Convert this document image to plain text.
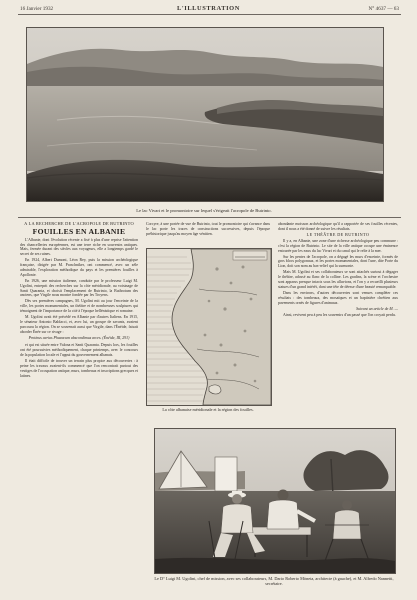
16 Janvier 1932	L'ILLUSTRATION	N° 4637 — 63
Le lac Vivari et le promontoire sur lequel s'érigeait l'acropole de Butrinto.
A LA RECHERCHE DE L'ACROPOLE DE BUTRINTO
FOUILLES EN ALBANIE

L'Albanie, dont l'évolution récente a fixé à plus d'une reprise l'attention des chancelleries européennes, est une terre riche en souvenirs antiques. Mais, fermée durant des siècles aux voyageurs, elle a longtemps gardé le secret de ses ruines.

En 1924, Albert Dumont, Léon Rey, puis la mission archéologique française, dirigée par M. Praschniker, ont commencé, avec un zèle admirable, l'exploration méthodique du pays et les premières fouilles à Apollonie.

En 1926, une mission italienne, conduite par le professeur Luigi M. Ugolini, entreprit des recherches sur la côte méridionale, au voisinage de Santi Quaranta, et choisit l'emplacement de Butrinto, la Buthrotum des anciens, que Virgile nous montre fondée par les Troyens.

Dès ses premières campagnes, M. Ugolini mit au jour l'enceinte de la ville, les portes monumentales, un théâtre et de nombreuses sculptures qui témoignent de l'importance de la cité à l'époque hellénistique et romaine.

M. Ugolini avait été précédé en Albanie par d'autres Italiens. En 1915, le sénateur Antonio Baldacci, et, avec lui, un groupe de savants, avaient parcouru la région. On se souvenait aussi que Virgile, dans l'Énéide, faisait aborder Énée sur ce rivage :

Protinus aerias Phaeacum abscondimus arces. (Énéide, III, 291)

et qui est située entre Valona et Santi Quaranta. Depuis lors, les fouilles ont été poursuivies méthodiquement, chaque printemps, avec le concours de la population locale et l'appui du gouvernement albanais.

Il était difficile de trouver un terrain plus propice aux découvertes : à peine les travaux avaient-ils commencé que l'on rencontrait partout des vestiges de l'occupation antique, murs, tombeaux et inscriptions grecques et latines.

Corcyre, à une portée de vue de Butrinto, tout le promontoire qui s'avance dans le lac porte les traces de constructions successives, depuis l'époque préhistorique jusqu'au moyen âge vénitien.

La côte albanaise méridionale et la région des fouilles.

abondante moisson archéologique qu'il a rapportée de ses fouilles récentes, dont il nous a été donné de suivre les résultats.

LE THÉÂTRE DE BUTRINTO

Il y a, en Albanie, une zone d'une richesse archéologique peu commune : c'est la région de Butrinto. Le site de la ville antique occupe une éminence entourée par les eaux du lac Vivari et du canal qui le relie à la mer.

Sur les pentes de l'acropole, on a dégagé les murs d'enceinte, formés de gros blocs polygonaux, et les portes monumentales, dont l'une, dite Porte du Lion, doit son nom au bas-relief qui la surmonte.

Mais M. Ugolini et ses collaborateurs se sont attachés surtout à dégager le théâtre, adossé au flanc de la colline. Les gradins, la scène et l'orchestre sont apparus presque intacts sous les alluvions, et l'on y a recueilli plusieurs statues d'un grand intérêt, dont une tête de déesse d'une beauté remarquable.

Dans les environs, d'autres découvertes sont venues compléter ces résultats : des tombeaux, des mosaïques et un baptistère chrétien aux pavements ornés de figures d'animaux.

Suivant un article de M. —

Ainsi, revivent peu à peu les souvenirs d'un passé que l'on croyait perdu.

Le D° Luigi M. Ugolini, chef de mission, avec ses collaborateurs, M. Dario Roberto Mòneta, architecte (à gauche), et M. Alfredo Nannetti, secrétaire.
